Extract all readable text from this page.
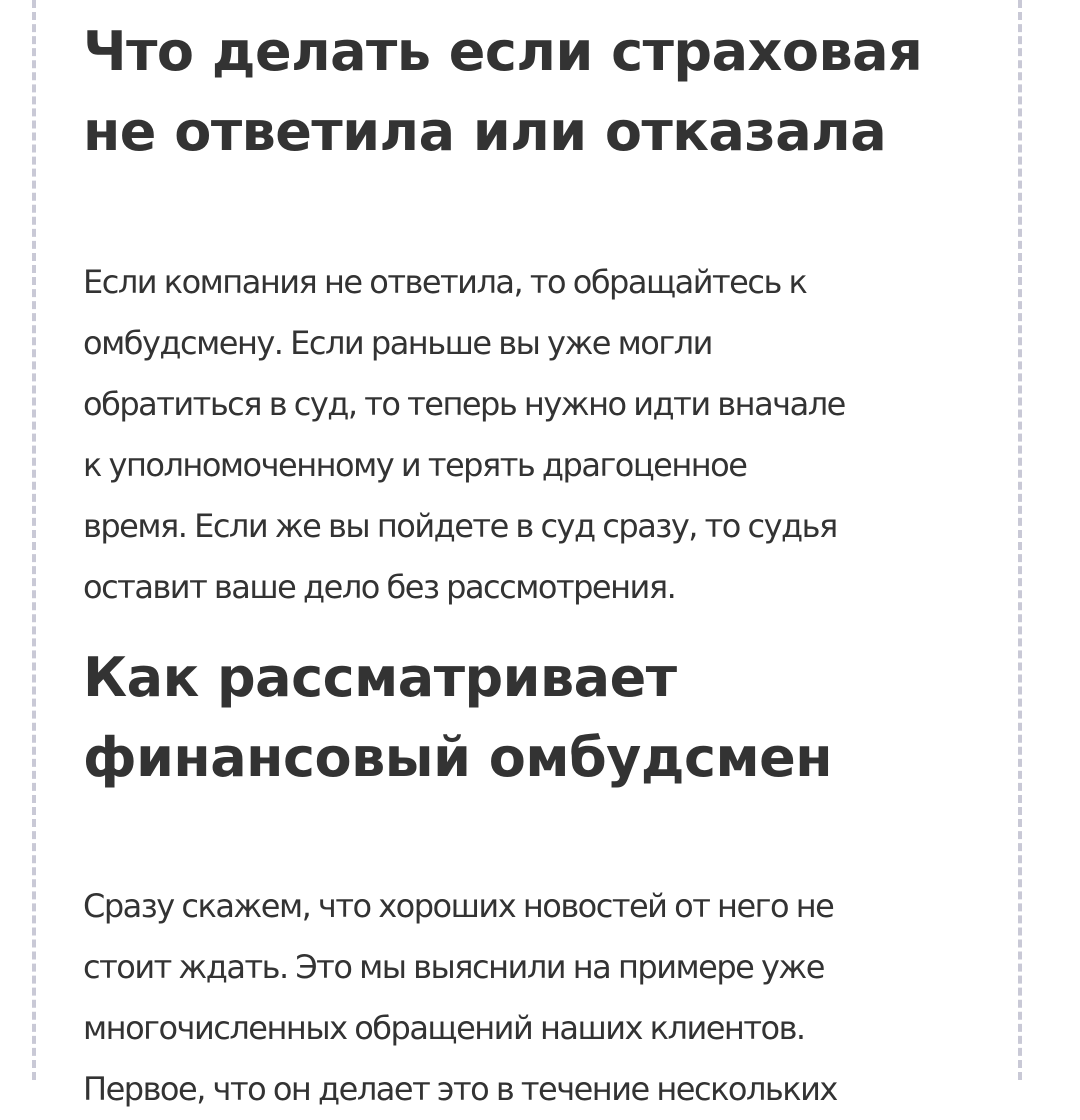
Что делать если страховая
не ответила или отказала

Если компания не ответила, то обращайтесь к
омбудсмену. Если раньше вы уже могли
обратиться в суд, то теперь нужно идти вначале
к уполномоченному и терять драгоценное
время. Если же вы пойдете в суд сразу, то судья
оставит ваше дело без рассмотрения.

Как рассматривает
финансовый омбудсмен

Сразу скажем, что хороших новостей от него не
стоит ждать. Это мы выяснили на примере уже
многочисленных обращений наших клиентов.
Первое, что он делает это в течение нескольких
